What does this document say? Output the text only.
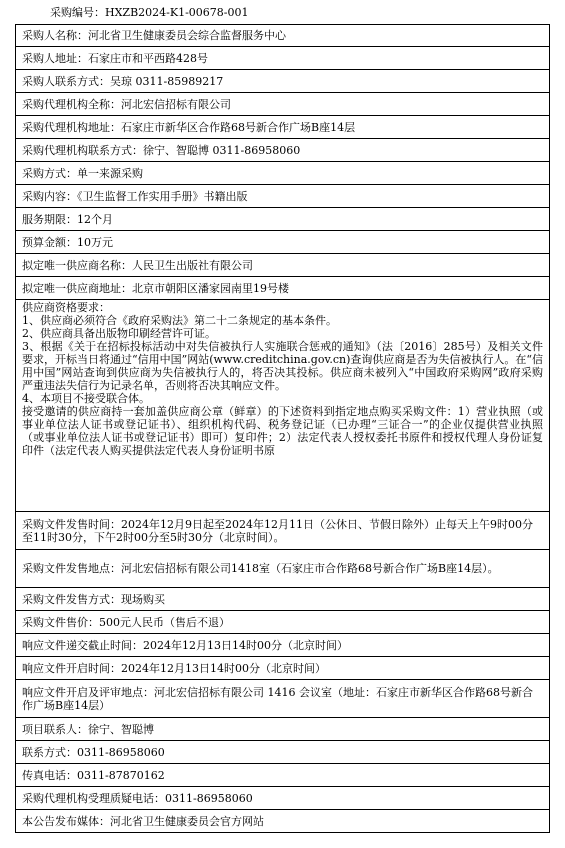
采购编号：HXZB2024-K1-00678-001
采购人名称：河北省卫生健康委员会综合监督服务中心
采购人地址：石家庄市和平西路428号
采购人联系方式：吴琼 0311-85989217
采购代理机构全称：河北宏信招标有限公司
采购代理机构地址：石家庄市新华区合作路68号新合作广场B座14层
采购代理机构联系方式：徐宁、智聪博 0311-86958060
采购方式：单一来源采购
采购内容：《卫生监督工作实用手册》书籍出版
服务期限：12个月
预算金额：10万元
拟定唯一供应商名称：人民卫生出版社有限公司
拟定唯一供应商地址：北京市朝阳区潘家园南里19号楼

供应商资格要求：
1、供应商必须符合《政府采购法》第二十二条规定的基本条件。
2、供应商具备出版物印刷经营许可证。
3、根据《关于在招标投标活动中对失信被执行人实施联合惩戒的通知》（法〔2016〕285号）及相关文件要求，开标当日将通过“信用中国”网站(www.creditchina.gov.cn)查询供应商是否为失信被执行人。在“信用中国”网站查询到供应商为失信被执行人的，将否决其投标。供应商未被列入“中国政府采购网”政府采购严重违法失信行为记录名单，否则将否决其响应文件。
4、本项目不接受联合体。
接受邀请的供应商持一套加盖供应商公章（鲜章）的下述资料到指定地点购买采购文件：1）营业执照（或事业单位法人证书或登记证书）、组织机构代码、税务登记证（已办理“三证合一”的企业仅提供营业执照（或事业单位法人证书或登记证书）即可）复印件；2）法定代表人授权委托书原件和授权代理人身份证复印件（法定代表人购买提供法定代表人身份证明书原

采购文件发售时间：2024年12月9日起至2024年12月11日（公休日、节假日除外）止每天上午9时00分至11时30分，下午2时00分至5时30分（北京时间）。
采购文件发售地点：河北宏信招标有限公司1418室（石家庄市合作路68号新合作广场B座14层）。
采购文件发售方式：现场购买
采购文件售价：500元人民币（售后不退）
响应文件递交截止时间：2024年12月13日14时00分（北京时间）
响应文件开启时间：2024年12月13日14时00分（北京时间）
响应文件开启及评审地点：河北宏信招标有限公司 1416 会议室（地址：石家庄市新华区合作路68号新合作广场B座14层）
项目联系人：徐宁、智聪博
联系方式：0311-86958060
传真电话：0311-87870162
采购代理机构受理质疑电话：0311-86958060
本公告发布媒体：河北省卫生健康委员会官方网站
